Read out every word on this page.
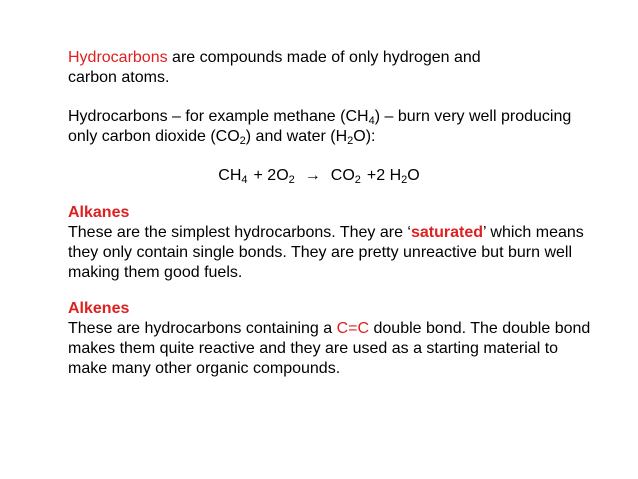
Hydrocarbons are compounds made of only hydrogen and
carbon atoms.

Hydrocarbons – for example methane $(CH_4)$ – burn very well producing
only carbon dioxide $(CO_2)$ and water $(H_2O)$:

$CH_4 + 2O_2 \to CO_2 +2$ $H_2O$

Alkanes
These are the simplest hydrocarbons. They are ‘saturated’ which means
they only contain single bonds. They are pretty unreactive but burn well
making them good fuels.

Alkenes
These are hydrocarbons containing a C=C double bond. The double bond
makes them quite reactive and they are used as a starting material to
make many other organic compounds.
